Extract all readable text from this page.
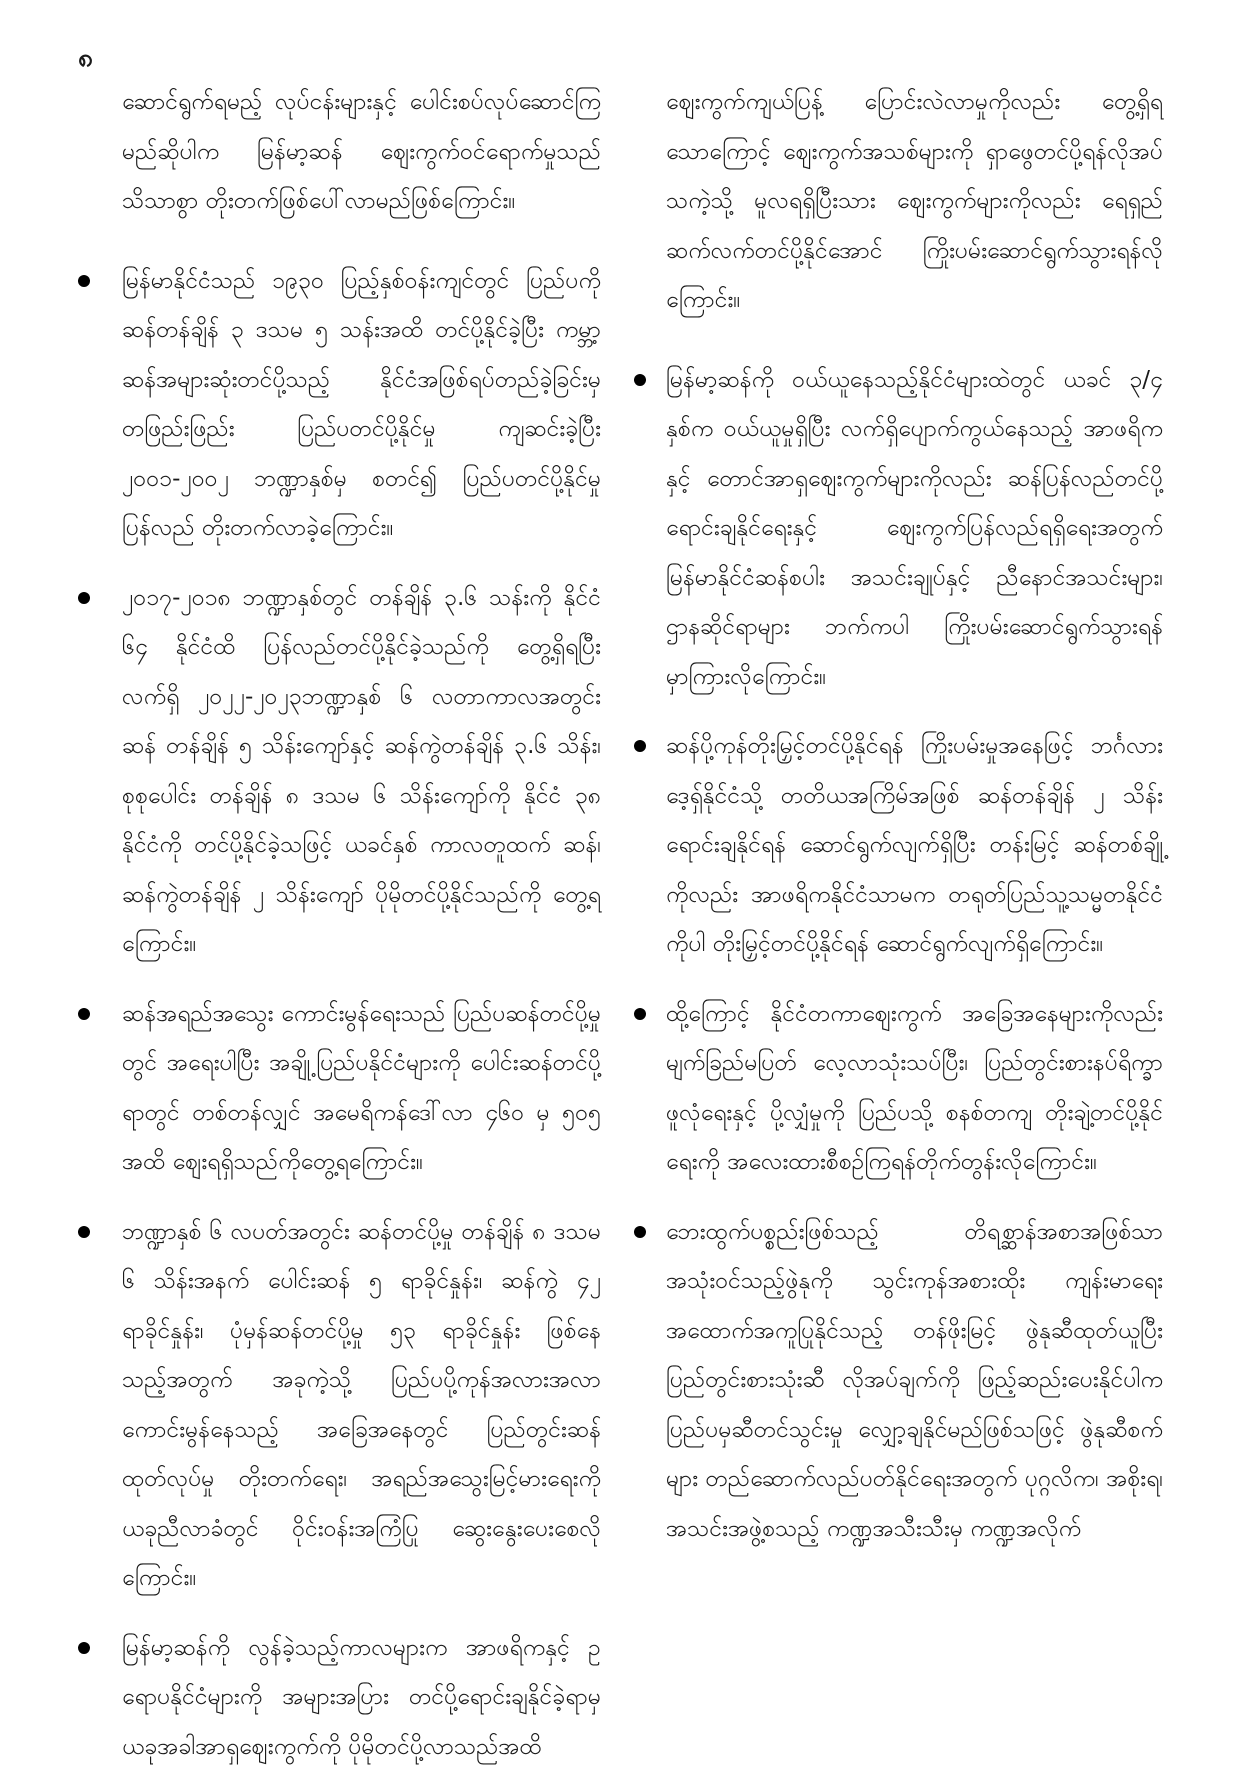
၈

ဆောင်ရွက်ရမည့် လုပ်ငန်းများနှင့် ပေါင်းစပ်လုပ်ဆောင်ကြမည်ဆိုပါက မြန်မာ့ဆန် ဈေးကွက်ဝင်ရောက်မှုသည် သိသာစွာ တိုးတက်ဖြစ်ပေါ်လာမည်ဖြစ်ကြောင်း။

မြန်မာနိုင်ငံသည် ၁၉၃၀ ပြည့်နှစ်ဝန်းကျင်တွင် ပြည်ပကို ဆန်တန်ချိန် ၃ ဒသမ ၅ သန်းအထိ တင်ပို့နိုင်ခဲ့ပြီး ကမ္ဘာ့ ဆန်အများဆုံးတင်ပို့သည့် နိုင်ငံအဖြစ်ရပ်တည်ခဲ့ခြင်းမှ တဖြည်းဖြည်း ပြည်ပတင်ပို့နိုင်မှု ကျဆင်းခဲ့ပြီး ၂၀၀၁-၂၀၀၂ ဘဏ္ဍာနှစ်မှ စတင်၍ ပြည်ပတင်ပို့နိုင်မှု ပြန်လည် တိုးတက်လာခဲ့ကြောင်း။
၂၀၁၇-၂၀၁၈ ဘဏ္ဍာနှစ်တွင် တန်ချိန် ၃.၆ သန်းကို နိုင်ငံ ၆၄ နိုင်ငံထိ ပြန်လည်တင်ပို့နိုင်ခဲ့သည်ကို တွေ့ရှိရပြီး လက်ရှိ ၂၀၂၂-၂၀၂၃ဘဏ္ဍာနှစ် ၆ လတာကာလအတွင်း ဆန် တန်ချိန် ၅ သိန်းကျော်နှင့် ဆန်ကွဲတန်ချိန် ၃.၆ သိန်း၊ စုစုပေါင်း တန်ချိန် ၈ ဒသမ ၆ သိန်းကျော်ကို နိုင်ငံ ၃၈ နိုင်ငံကို တင်ပို့နိုင်ခဲ့သဖြင့် ယခင်နှစ် ကာလတူထက် ဆန်၊ ဆန်ကွဲတန်ချိန် ၂ သိန်းကျော် ပိုမိုတင်ပို့နိုင်သည်ကို တွေ့ရကြောင်း။
ဆန်အရည်အသွေး ကောင်းမွန်ရေးသည် ပြည်ပဆန်တင်ပို့မှုတွင် အရေးပါပြီး အချို့ပြည်ပနိုင်ငံများကို ပေါင်းဆန်တင်ပို့ရာတွင် တစ်တန်လျှင် အမေရိကန်ဒေါ်လာ ၄၆၀ မှ ၅၀၅ အထိ ဈေးရရှိသည်ကိုတွေ့ရကြောင်း။
ဘဏ္ဍာနှစ် ၆ လပတ်အတွင်း ဆန်တင်ပို့မှု တန်ချိန် ၈ ဒသမ ၆ သိန်းအနက် ပေါင်းဆန် ၅ ရာခိုင်နှုန်း၊ ဆန်ကွဲ ၄၂ ရာခိုင်နှုန်း၊ ပုံမှန်ဆန်တင်ပို့မှု ၅၃ ရာခိုင်နှုန်း ဖြစ်နေသည့်အတွက် အခုကဲ့သို့ ပြည်ပပို့ကုန်အလားအလာ ကောင်းမွန်နေသည့် အခြေအနေတွင် ပြည်တွင်းဆန် ထုတ်လုပ်မှု တိုးတက်ရေး၊ အရည်အသွေးမြင့်မားရေးကို ယခုညီလာခံတွင် ဝိုင်းဝန်းအကြံပြု ဆွေးနွေးပေးစေလိုကြောင်း။
မြန်မာ့ဆန်ကို လွန်ခဲ့သည့်ကာလများက အာဖရိကနှင့် ဥရောပနိုင်ငံများကို အများအပြား တင်ပို့ရောင်းချနိုင်ခဲ့ရာမှ ယခုအခါအာရှဈေးကွက်ကို ပိုမိုတင်ပို့လာသည်အထိ

ဈေးကွက်ကျယ်ပြန့် ပြောင်းလဲလာမှုကိုလည်း တွေ့ရှိရသောကြောင့် ဈေးကွက်အသစ်များကို ရှာဖွေတင်ပို့ရန်လိုအပ်သကဲ့သို့ မူလရရှိပြီးသား ဈေးကွက်များကိုလည်း ရေရှည်ဆက်လက်တင်ပို့နိုင်အောင် ကြိုးပမ်းဆောင်ရွက်သွားရန်လိုကြောင်း။

မြန်မာ့ဆန်ကို ဝယ်ယူနေသည့်နိုင်ငံများထဲတွင် ယခင် ၃/၄ နှစ်က ဝယ်ယူမှုရှိပြီး လက်ရှိပျောက်ကွယ်နေသည့် အာဖရိကနှင့် တောင်အာရှဈေးကွက်များကိုလည်း ဆန်ပြန်လည်တင်ပို့ရောင်းချနိုင်ရေးနှင့် ဈေးကွက်ပြန်လည်ရရှိရေးအတွက် မြန်မာနိုင်ငံဆန်စပါး အသင်းချုပ်နှင့် ညီနောင်အသင်းများ၊ ဌာနဆိုင်ရာများ ဘက်ကပါ ကြိုးပမ်းဆောင်ရွက်သွားရန်မှာကြားလိုကြောင်း။
ဆန်ပို့ကုန်တိုးမြှင့်တင်ပို့နိုင်ရန် ကြိုးပမ်းမှုအနေဖြင့် ဘင်္ဂလားဒေ့ရှ်နိုင်ငံသို့ တတိယအကြိမ်အဖြစ် ဆန်တန်ချိန် ၂ သိန်း ရောင်းချနိုင်ရန် ဆောင်ရွက်လျက်ရှိပြီး တန်းမြင့် ဆန်တစ်ချို့ကိုလည်း အာဖရိကနိုင်ငံသာမက တရုတ်ပြည်သူ့သမ္မတနိုင်ငံကိုပါ တိုးမြှင့်တင်ပို့နိုင်ရန် ဆောင်ရွက်လျက်ရှိကြောင်း။
ထို့ကြောင့် နိုင်ငံတကာဈေးကွက် အခြေအနေများကိုလည်း မျက်ခြည်မပြတ် လေ့လာသုံးသပ်ပြီး၊ ပြည်တွင်းစားနပ်ရိက္ခာဖူလုံရေးနှင့် ပို့လျှံမှုကို ပြည်ပသို့ စနစ်တကျ တိုးချဲ့တင်ပို့နိုင်ရေးကို အလေးထားစီစဉ်ကြရန်တိုက်တွန်းလိုကြောင်း။
ဘေးထွက်ပစ္စည်းဖြစ်သည့် တိရစ္ဆာန်အစာအဖြစ်သာ အသုံးဝင်သည့်ဖွဲနုကို သွင်းကုန်အစားထိုး ကျန်းမာရေးအထောက်အကူပြုနိုင်သည့် တန်ဖိုးမြင့် ဖွဲနုဆီထုတ်ယူပြီး ပြည်တွင်းစားသုံးဆီ လိုအပ်ချက်ကို ဖြည့်ဆည်းပေးနိုင်ပါက ပြည်ပမှဆီတင်သွင်းမှု လျှော့ချနိုင်မည်ဖြစ်သဖြင့် ဖွဲနုဆီစက်များ တည်ဆောက်လည်ပတ်နိုင်ရေးအတွက် ပုဂ္ဂလိက၊ အစိုးရ၊ အသင်းအဖွဲ့စသည့် ကဏ္ဍအသီးသီးမှ ကဏ္ဍအလိုက်
